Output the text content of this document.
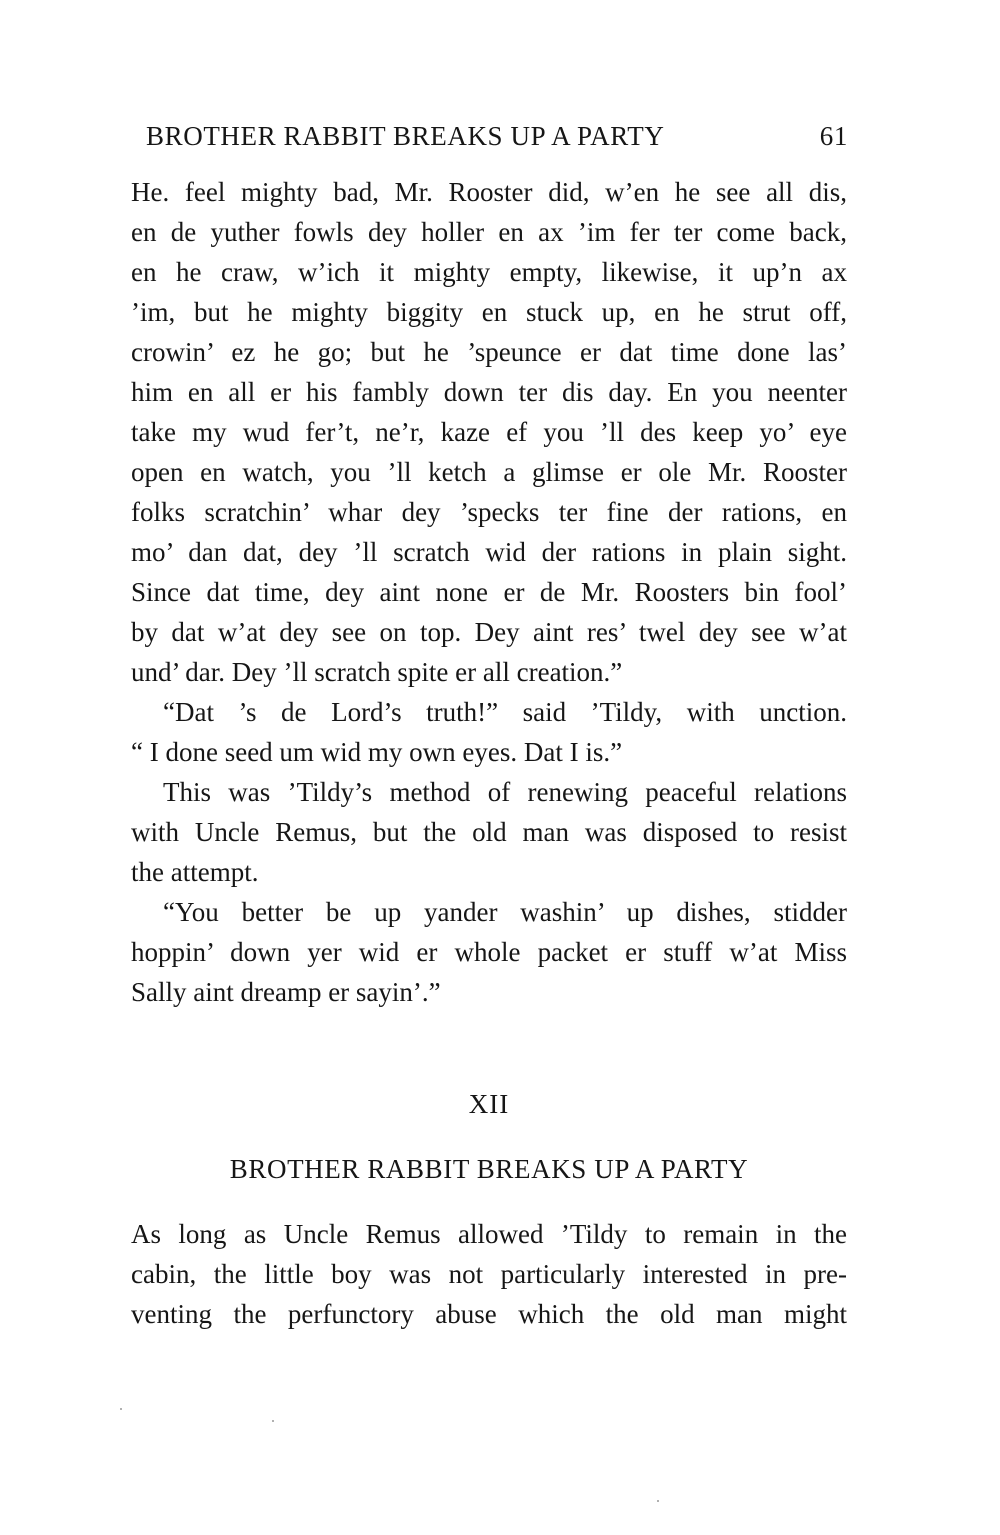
BROTHER RABBIT BREAKS UP A PARTY	61
He. feel mighty bad, Mr. Rooster did, w’en he see all dis,
en de yuther fowls dey holler en ax ’im fer ter come back,
en he craw, w’ich it mighty empty, likewise, it up’n ax
’im, but he mighty biggity en stuck up, en he strut off,
crowin’ ez he go; but he ’speunce er dat time done las’
him en all er his fambly down ter dis day. En you neenter
take my wud fer’t, ne’r, kaze ef you ’ll des keep yo’ eye
open en watch, you ’ll ketch a glimse er ole Mr. Rooster
folks scratchin’ whar dey ’specks ter fine der rations, en
mo’ dan dat, dey ’ll scratch wid der rations in plain sight.
Since dat time, dey aint none er de Mr. Roosters bin fool’
by dat w’at dey see on top. Dey aint res’ twel dey see w’at
und’ dar. Dey ’ll scratch spite er all creation.”
“Dat ’s de Lord’s truth!” said ’Tildy, with unction.
“ I done seed um wid my own eyes. Dat I is.”
This was ’Tildy’s method of renewing peaceful relations
with Uncle Remus, but the old man was disposed to resist
the attempt.
“You better be up yander washin’ up dishes, stidder
hoppin’ down yer wid er whole packet er stuff w’at Miss
Sally aint dreamp er sayin’.”
XII
BROTHER RABBIT BREAKS UP A PARTY
As long as Uncle Remus allowed ’Tildy to remain in the
cabin, the little boy was not particularly interested in pre-
venting the perfunctory abuse which the old man might
